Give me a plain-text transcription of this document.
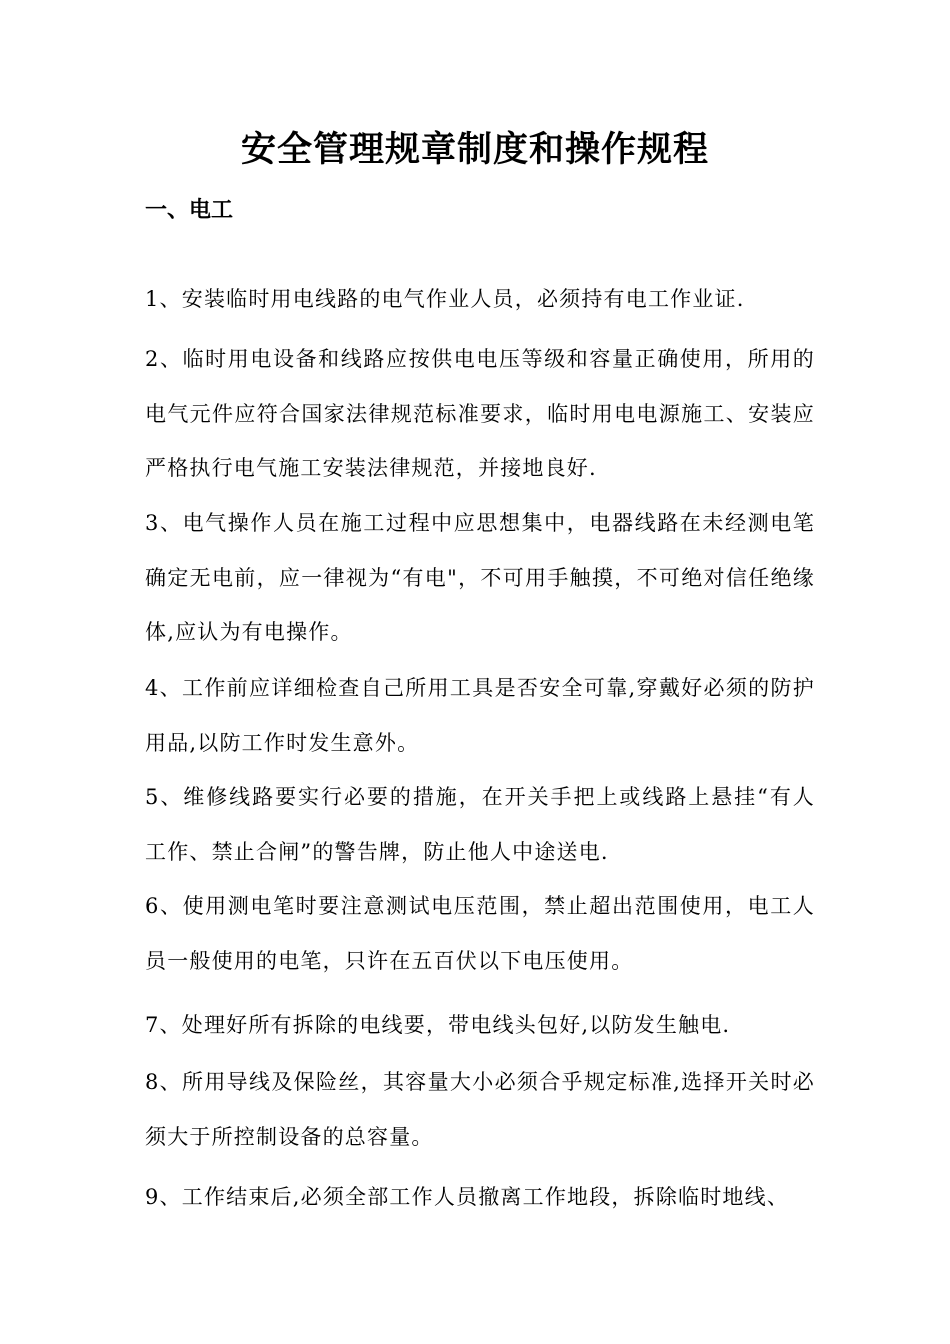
安全管理规章制度和操作规程
一、电工

1、安装临时用电线路的电气作业人员，必须持有电工作业证.

2、临时用电设备和线路应按供电电压等级和容量正确使用，所用的电气元件应符合国家法律规范标准要求，临时用电电源施工、安装应严格执行电气施工安装法律规范，并接地良好.

3、电气操作人员在施工过程中应思想集中，电器线路在未经测电笔确定无电前，应一律视为“有电"，不可用手触摸，不可绝对信任绝缘体,应认为有电操作。

4、工作前应详细检查自己所用工具是否安全可靠,穿戴好必须的防护用品,以防工作时发生意外。

5、维修线路要实行必要的措施，在开关手把上或线路上悬挂“有人工作、禁止合闸”的警告牌，防止他人中途送电.

6、使用测电笔时要注意测试电压范围，禁止超出范围使用，电工人员一般使用的电笔，只许在五百伏以下电压使用。

7、处理好所有拆除的电线要，带电线头包好,以防发生触电.

8、所用导线及保险丝，其容量大小必须合乎规定标准,选择开关时必须大于所控制设备的总容量。

9、工作结束后,必须全部工作人员撤离工作地段，拆除临时地线、
